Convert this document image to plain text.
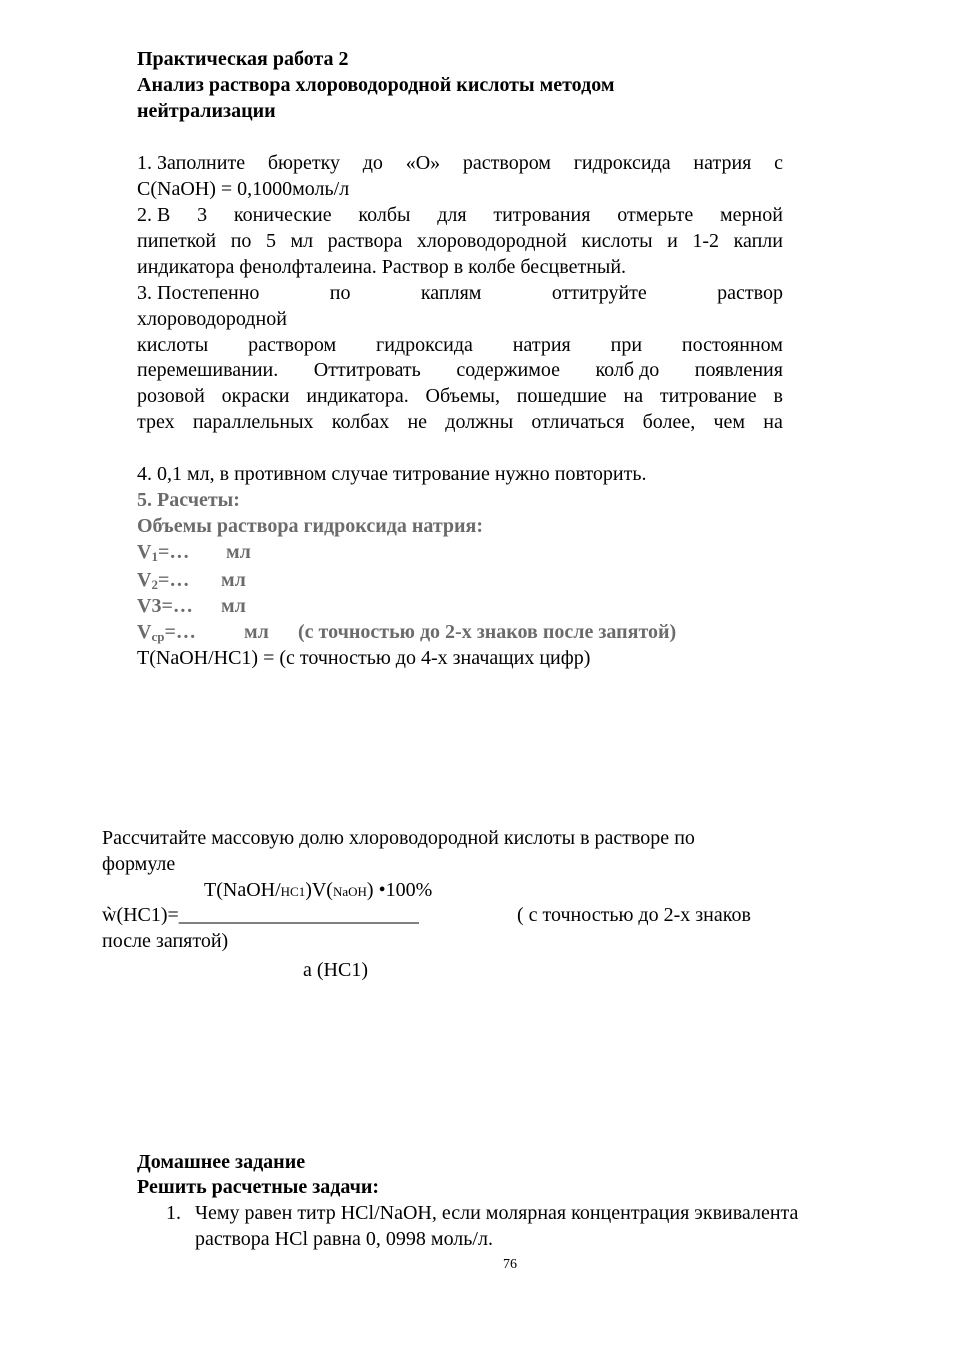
Практическая работа 2
Анализ раствора хлороводородной кислоты методом
нейтрализации
1. Заполните бюретку до «О» раствором гидроксида натрия с
C(NaOH) = 0,1000моль/л
2. В 3 конические колбы для титрования отмерьте мерной
пипеткой по 5 мл раствора хлороводородной кислоты и 1-2 капли
индикатора фенолфталеина. Раствор в колбе бесцветный.
3. Постепенно	по	каплям	оттитруйте	раствор
хлороводородной
кислоты раствором гидроксида натрия при постоянном
перемешивании. Оттитровать содержимое колб до появления
розовой окраски индикатора. Объемы, пошедшие на титрование в
трех параллельных колбах не должны отличаться более, чем на
4. 0,1 мл, в противном случае титрование нужно повторить.
5. Расчеты:
Объемы раствора гидроксида натрия:
$V_1=\dots$ мл
$V_2=\dots$ мл
V3=… мл
$V_{ср}=\dots$ мл (с точностью до 2-х знаков после запятой)
T(NaOH/HC1) = (с точностью до 4-х значащих цифр)
Рассчитайте массовую долю хлороводородной кислоты в растворе по
формуле
T(NaOH/HC1)V(NaOH) •100%
ẁ(HC1)=________________________	( с точностью до 2-х знаков
после запятой)
а (HC1)
Домашнее задание
Решить расчетные задачи:
1. Чему равен титр HCl/NaOH, если молярная концентрация эквивалента
раствора HCl равна 0, 0998 моль/л.
76
